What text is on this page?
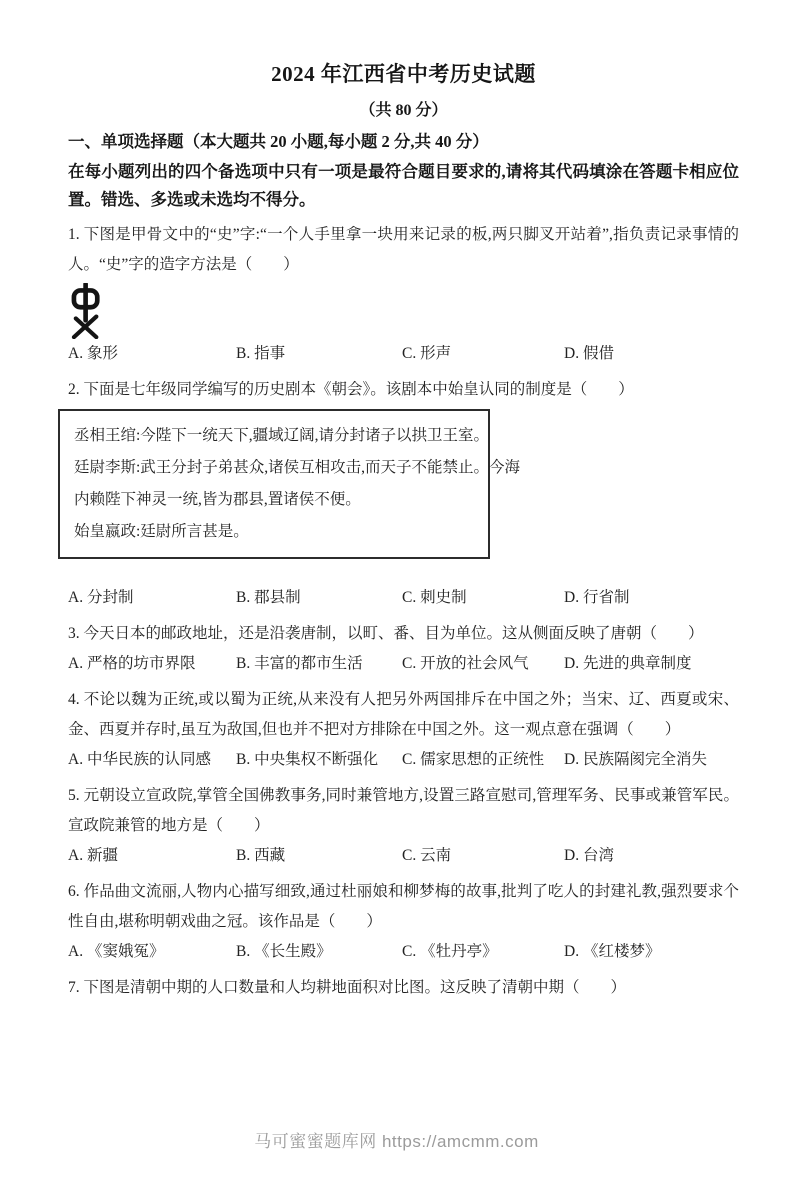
2024 年江西省中考历史试题
（共 80 分）
一、单项选择题（本大题共 20 小题,每小题 2 分,共 40 分）

在每小题列出的四个备选项中只有一项是最符合题目要求的,请将其代码填涂在答题卡相应位置。错选、多选或未选均不得分。

1. 下图是甲骨文中的“史”字:“一个人手里拿一块用来记录的板,两只脚叉开站着”,指负责记录事情的人。“史”字的造字方法是（　　）

A. 象形	B. 指事	C. 形声	D. 假借

2. 下面是七年级同学编写的历史剧本《朝会》。该剧本中始皇认同的制度是（　　）

丞相王绾:今陛下一统天下,疆域辽阔,请分封诸子以拱卫王室。

廷尉李斯:武王分封子弟甚众,诸侯互相攻击,而天子不能禁止。今海

内赖陛下神灵一统,皆为郡县,置诸侯不便。

始皇嬴政:廷尉所言甚是。

A. 分封制	B. 郡县制	C. 刺史制	D. 行省制

3. 今天日本的邮政地址，还是沿袭唐制，以町、番、目为单位。这从侧面反映了唐朝（　　）

A. 严格的坊市界限	B. 丰富的都市生活	C. 开放的社会风气	D. 先进的典章制度

4. 不论以魏为正统,或以蜀为正统,从来没有人把另外两国排斥在中国之外；当宋、辽、西夏或宋、金、西夏并存时,虽互为敌国,但也并不把对方排除在中国之外。这一观点意在强调（　　）

A. 中华民族的认同感	B. 中央集权不断强化	C. 儒家思想的正统性	D. 民族隔阂完全消失

5. 元朝设立宣政院,掌管全国佛教事务,同时兼管地方,设置三路宣慰司,管理军务、民事或兼管军民。宣政院兼管的地方是（　　）

A. 新疆	B. 西藏	C. 云南	D. 台湾

6. 作品曲文流丽,人物内心描写细致,通过杜丽娘和柳梦梅的故事,批判了吃人的封建礼教,强烈要求个性自由,堪称明朝戏曲之冠。该作品是（　　）

A. 《窦娥冤》	B. 《长生殿》	C. 《牡丹亭》	D. 《红楼梦》

7. 下图是清朝中期的人口数量和人均耕地面积对比图。这反映了清朝中期（　　）

马可蜜蜜题库网 https://amcmm.com
